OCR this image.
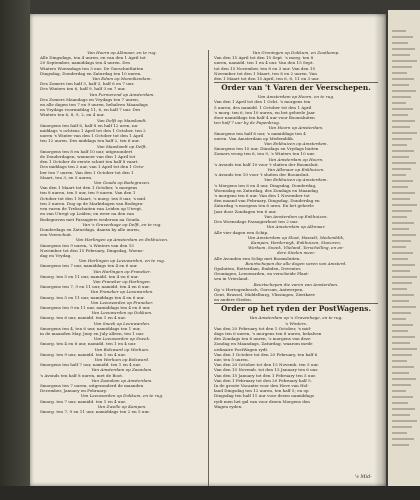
Van Hoorn op Alkmaar, en te rug.
Alle Dingsdags, ten 4 uuren, en van den 1 April tot
20 September, namiddags ten 4 uuren. Des
Winters Woensdags ten 3 uur. De Goeschuitluiten
Dingsdag, Donderdag en Zaturdag ten 10 uuren.
Van Edam op Monnikendam.
Des Zomers ten half 3, half 5, half 6 en 7 uur.
Des Winters ten 6, half 9, half 3 en 7 uur.
Van Purmerend op Amsterdam.
Des Zomers Maandags en Vrydags ten 7 uuren,
en alle dagen ten 7 en 9 uuren, behalven Maandags
en Vrydags voormiddag 11, 6, en half 7 uur. Des
Winters ten 6, 8, 9, 2, en 4 uur.
Van Delft op Maaslandt.
Smorgens ten half 6, half 8 en half 12 uren, na-
middags 's ochtens 1 April tot den 1 October, ten 2
uuren 's Winter van den 1 October tot den 1 April
ten 12 uuren. Des middags ten half 2, ten 6 uur.
Van Maaslandt op Delft.
Smorgens ten 8 en half 10 uur, uitgezondert
de Donderdagen, wanneer van den 1 April tot
den 1 October de eerste schuit ten half 8 vaart.
Des middags ten 2 uur, van 1 April tot den 1 Octo-
ber ten 7 uuren. Van den 1 October tot den 1
Maart, ten 3, en 5 uuren.
Van Gouda op Bodegraven.
Van den 1 Maart tot den 1 October, 's morgens
ten 8 uuren, ten 5 uur, ten 9 uuren. Van den 1
October tot den 1 Maart, 's morg. ten 8 uur, 's mid.
ten 3 uuren. Dog op de Marktdagen van Bodegra-
ven varen de Trekschuiten van Leiden op Utregt,
en van Utregt op Leiden; en weer na den van
Bodegraven met Passagiers wederom na Gouda.
Van 's Gravenhage op Delft, en te rug.
Donderdags en Zaturdags, daarin by alle uuren,
een Veerschuit.
Van Harlingen op Amsterdam en Enkhuizen.
Smorgens ten 9 uuren, 's Winters van den 15
November tot den 15 February, Dingsdag, Woens-
dag en Vrydag.
Van Harlingen op Leeuwarden, en te rug.
Smorgens ten 7 uur, namiddags ten 4 en 6 uur.
Van Harlingen op Franeker.
Smorg. ten 5 en 11 uur, namidd. ten 4 en 6 uur.
Van Franeker op Harlingen.
Smorgens ten 7, 9 en 11 uur, namidd. ten 4 en 6 uur.
Van Franeker op Leeuwarden.
Smorg. ten 5 en 11 uur, namiddags ten 4 en 6 uur.
Van Leeuwarden op Franeker.
Smorgens ten 9 en 11 uur, namiddags ten 4 en 6 uur.
Van Leeuwarden op Dokkum.
Smorg. ten 6 uur, namidd. ten 1 en 4 uur.
Van Sneek op Leeuwarden.
Smorgens ten 4, ten 6 uur, namiddags ten 1 uur,
in de maanden May, Juny en July alleen, ten 1 uur.
Van Leeuwarden op Sneek.
Smorg. ten 4 en 6 uur, namidd. ten 1 en 4 uur.
Van Bolsward op Workum.
Smorg. ten 9 uur, namidd. ten 1 en 4 uur.
Van Workum op Bolsward.
Smorgens ten half 7 uur, namidd. ten 1 en 4 uur.
Van Amsterdam op Zaandam.
's Avonds ten half 8 uuren, met de Boot.
Van Zaandam op Amsterdam.
Smorgens ten 7 uuren, uitgezonderd de maanden
December, January en February.
Van Leeuwarden op Dokkum, en te rug.
Smorg. ten 7 uur, namidd. ten 1 en 4 uur.
Van Zwolle op Kampen.
Smorg. ten 7, 9 en 11 uur, namiddags ten 2 en 5 uur.
Van Groningen op Dokkum, en Zoutkamp.
Van den 15 April tot den 15 Sept. 's morg. ten 8
uuren, namidd. ten 1 en 4 uur. Van den 15 Sept.
tot den 15 November, ten 8 en 3 uur. Van den 15
November tot den 1 Maart, ten 8 en 2 uuren. Van
den 1 Maart tot den 15 April, ten 6, 8, 11 en 3 uur.
Order van 't Varen der Veerschepen.
Van Amsterdam op Hoorn, en te rug.
Van den 1 April tot den 1 Ocht. 's morgens ten
5 uuren, des namidd. 1 October tot den 1 April
's morg. ten 6, ten 10 uuren, en bet geheele Jaar
door namiddags ten half 4 uur voor Boomsluiten
ten half 7 uur by de Papenbrug.
Van Hoorn op Amsterdam.
Smorgens ten half 6 uur, 's namiddags ten 4
uuren. Van Amsterdam op Medemblik.
Van Enkhuizen op Amsterdam.
Smorgens ten 10 uur, Dinsdags en Vrydags buiten
Zomers vroeg ten 6, ten 9, 's Winters ten 10 uur.
Van Amsterdam op Hoorn.
's Avonds ten half 10 voor 't sluiten der Boomsluit.
Van Alkmaar op Enkhuizen.
's Avonds ten 10 voor 't sluiten der Boomsluit.
Van Enkhuizen op Amsterdam.
's Morgens ten 6 en 4 uur, Dingsdag, Donderdag,
Woensdag en Zaturdag, des Zondags en Maandag
's morgens ten 6 uur. Van den 1 November tot
den maand van February, Dingsdag, Donderdag en
Zaturdag 's morgens ten 6 uren. En het geheele
Jaar door Zondagen ten 6 uur.
Van Amsterdam op Enkhuizen.
Des Woensdags Passagierboot ten 2 uur.
Van Amsterdam op Alkmaar.
Alle vier dagen een Schip.
Van Amsterdam op Sloot, Hasselt, Medemblik,
Kampen, Harderwyk, Enkhuizen, Stavoren,
Workum, Sneek, Vlieland, Terschelling, en an-
dere Steden meer.
Alle Avonden een Schip met Boomsluiten.
Beurtschepen die alle dagen varen van Amsterd.
Opsluiten, Rotterdam, Embden, Deventer,
Groningen, Leeuwarden, en verscheide Plaat-
sen in Vriesland.
Beurtschepen die varen van Amsterdam.
Op 's Hertogenbosch, Gorcum, Antwerpen,
Gent, Brussel, Middelburg, Vlissingen, Zierikzee
en andere Steden.
Order op het ryden der PostWagens.
Van Amsterdam op 's Gravenhage, en te rug.
's Winters.
Van den 20 February tot den 1 October, 's mid-
dags ten 6 uuren, 's morgens ten 8 uuren, behalven
des Zondags ten 6 uuren, 's morgens van deze
Zondag en Maandags, Zaturdag, waarom mede
ordinaire PostWagen rydt.
Van den 1 October tot den 20 February, ten half 6
uur, ten 5 uuren.
Van den 20 October tot den 15 Novemb. ten 5 uur.
Van den 15 Novemb. tot den 15 January ten 6 uur.
Van den 15 January tot den 1 February ten 5 uur.
Van den 1 February tot den 20 February half 5.
In de groote Vacantie voor den Hove van Hol-
land Dingsdag ten 12 uuren, ten half 5; en op
Dingsdag ten half 11 uur voor dezen namiddags
rydt men het gal van voor dezen Morgens den
Wagen ryden.
's Mid-
